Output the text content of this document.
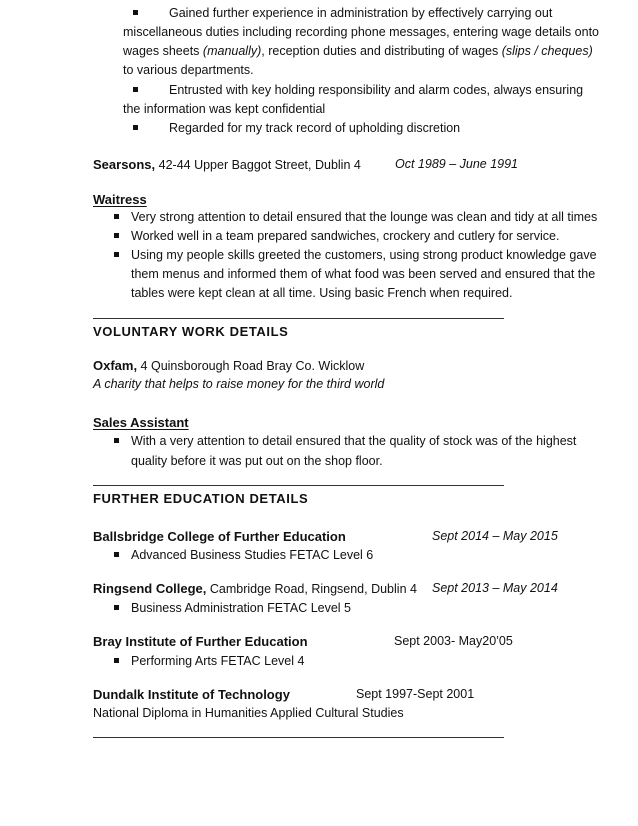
Gained further experience in administration by effectively carrying out
miscellaneous duties including recording phone messages, entering wage details onto
wages sheets (manually), reception duties and distributing of wages (slips / cheques)
to various departments.
Entrusted with key holding responsibility and alarm codes, always ensuring
the information was kept confidential
Regarded for my track record of upholding discretion
Searsons, 42-44 Upper Baggot Street, Dublin 4	Oct 1989 – June 1991
Waitress
Very strong attention to detail ensured that the lounge was clean and tidy at all times
Worked well in a team prepared sandwiches, crockery and cutlery for service.
Using my people skills greeted the customers, using strong product knowledge gave
them menus and informed them of what food was been served and ensured that the
tables were kept clean at all time. Using basic French when required.
VOLUNTARY WORK DETAILS
Oxfam, 4 Quinsborough Road Bray Co. Wicklow
A charity that helps to raise money for the third world
Sales Assistant
With a very attention to detail ensured that the quality of stock was of the highest
quality before it was put out on the shop floor.
FURTHER EDUCATION DETAILS
Ballsbridge College of Further Education	Sept 2014 – May 2015
Advanced Business Studies FETAC Level 6
Ringsend College, Cambridge Road, Ringsend, Dublin 4 Sept 2013 – May 2014
Business Administration FETAC Level 5
Bray Institute of Further Education	Sept 2003- May20’05
Performing Arts FETAC Level 4
Dundalk Institute of Technology	Sept 1997-Sept 2001
National Diploma in Humanities Applied Cultural Studies
